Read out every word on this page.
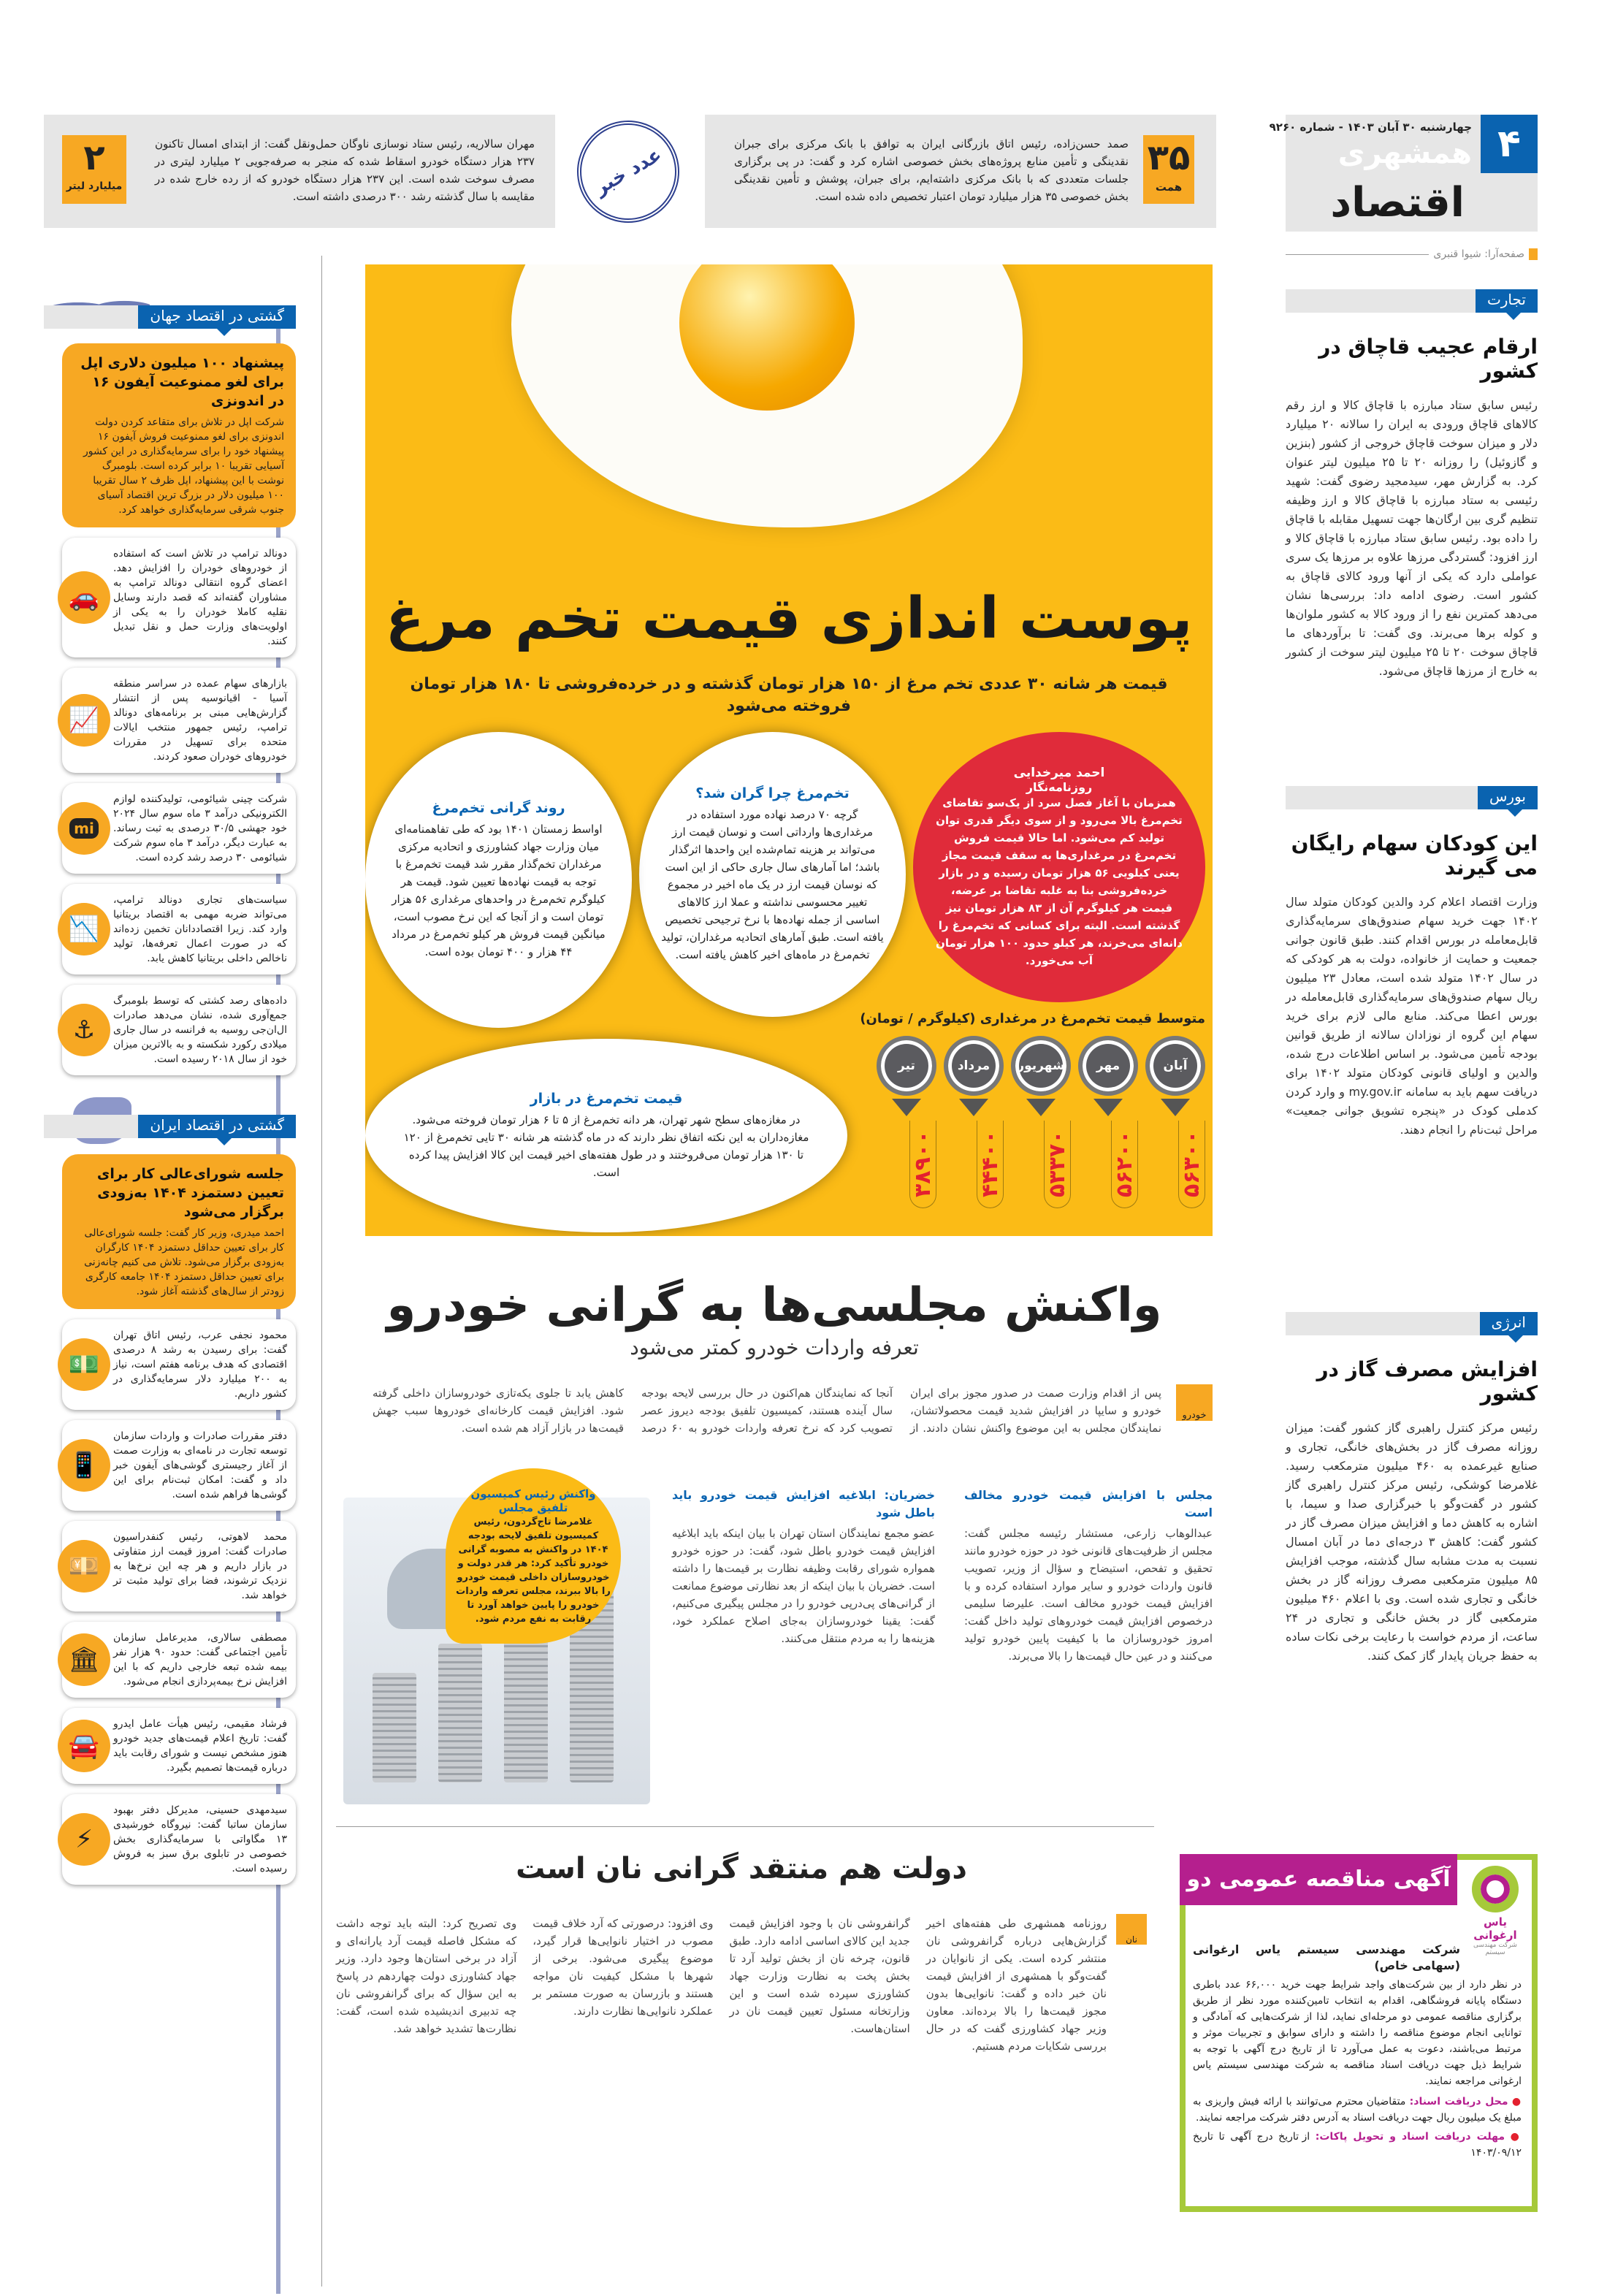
۴
چهارشنبه ۳۰ آبان ۱۴۰۳ - شماره ۹۲۶۰
همشهری
اقتصاد
۳۵
همت
صمد حسن‌زاده، رئیس اتاق بازرگانی ایران به توافق با بانک مرکزی برای جبران نقدینگی و تأمین منابع پروژه‌های بخش خصوصی اشاره کرد و گفت: در پی برگزاری جلسات متعددی که با بانک مرکزی داشته‌ایم، برای جبران، پوشش و تأمین نقدینگی بخش خصوصی ۳۵ هزار میلیارد تومان اعتبار تخصیص داده شده است.
عدد خبر
۲
میلیارد لیتر
مهران سالاریه، رئیس ستاد نوسازی ناوگان حمل‌ونقل گفت: از ابتدای امسال تاکنون ۲۳۷ هزار دستگاه خودرو اسقاط شده که منجر به صرفه‌جویی ۲ میلیارد لیتری در مصرف سوخت شده است. این ۲۳۷ هزار دستگاه خودرو که از رده خارج شده در مقایسه با سال گذشته رشد ۳۰۰ درصدی داشته است.
صفحه‌آرا: شیوا قنبری
تجارت
ارقام عجیب قاچاق در کشور
رئیس سابق ستاد مبارزه با قاچاق کالا و ارز رقم کالاهای قاچاق ورودی به ایران را سالانه ۲۰ میلیارد دلار و میزان سوخت قاچاق خروجی از کشور (بنزین و گازوئیل) را روزانه ۲۰ تا ۲۵ میلیون لیتر عنوان کرد. به گزارش مهر، سیدمجید رضوی گفت: شهید رئیسی به ستاد مبارزه با قاچاق کالا و ارز وظیفه تنظیم گری بین ارگان‌ها جهت تسهیل مقابله با قاچاق را داده بود. رئیس سابق ستاد مبارزه با قاچاق کالا و ارز افزود: گستردگی مرزها علاوه بر مرزها یک سری عواملی دارد که یکی از آنها ورود کالای قاچاق به کشور است. رضوی ادامه داد: بررسی‌ها نشان می‌دهد کمترین نفع را از ورود کالا به کشور ملوان‌ها و کوله برها می‌برند. وی گفت: تا برآوردهای ما قاچاق سوخت ۲۰ تا ۲۵ میلیون لیتر سوخت از کشور به خارج از مرزها قاچاق می‌شود.
بورس
این کودکان سهام رایگان می گیرند
وزارت اقتصاد اعلام کرد والدین کودکان متولد سال ۱۴۰۲ جهت خرید سهام صندوق‌های سرمایه‌گذاری قابل‌معامله در بورس اقدام کنند. طبق قانون جوانی جمعیت و حمایت از خانواده، دولت به هر کودکی که در سال ۱۴۰۲ متولد شده است، معادل ۲۳ میلیون ریال سهام صندوق‌های سرمایه‌گذاری قابل‌معامله در بورس اعطا می‌کند. منابع مالی لازم برای خرید سهام این گروه از نوزادان سالانه از طریق قوانین بودجه تأمین می‌شود. بر اساس اطلاعات درج شده، والدین و اولیای قانونی کودکان متولد ۱۴۰۲ برای دریافت سهم باید به سامانه my.gov.ir و وارد کردن کدملی کودک در «پنجره تشویق جوانی جمعیت» مراحل ثبت‌نام را انجام دهند.
انرژی
افزایش مصرف گاز در کشور
رئیس مرکز کنترل راهبری گاز کشور گفت: میزان روزانه مصرف گاز در بخش‌های خانگی، تجاری و صنایع غیرعمده به ۴۶۰ میلیون مترمکعب رسید. غلامرضا کوشکی، رئیس مرکز کنترل راهبری گاز کشور در گفت‌وگو با خبرگزاری صدا و سیما، با اشاره به کاهش دما و افزایش میزان مصرف گاز در کشور گفت: کاهش ۳ درجه‌ای دما در آبان امسال نسبت به مدت مشابه سال گذشته، موجب افزایش ۸۵ میلیون مترمکعبی مصرف روزانه گاز در بخش خانگی و تجاری شده است. وی با اعلام ۴۶۰ میلیون مترمکعبی گاز در بخش خانگی و تجاری در ۲۴ ساعت، از مردم خواست با رعایت برخی نکات ساده به حفظ جریان پایدار گاز کمک کنند.
آگهی مناقصه عمومی دو مرحله‌ای	یاس ارغوانی
شرکت مهندسی سیستم
شرکت مهندسی سیستم یاس ارغوانی (سهامی خاص)
در نظر دارد از بین شرکت‌های واجد شرایط جهت خرید ۶۶,۰۰۰ عدد باطری دستگاه پایانه فروشگاهی، اقدام به انتخاب تامین‌کننده مورد نظر از طریق برگزاری مناقصه عمومی دو مرحله‌ای نماید، لذا از شرکت‌هایی که آمادگی و توانایی انجام موضوع مناقصه را داشته و دارای سوابق و تجربیات موثر و مرتبط می‌باشند، دعوت به عمل می‌آورد تا از تاریخ درج آگهی با توجه به شرایط ذیل جهت دریافت اسناد مناقصه به شرکت مهندسی سیستم یاس ارغوانی مراجعه نمایند.
● محل دریافت اسناد: متقاضیان محترم می‌توانند با ارائه فیش واریزی به مبلغ یک میلیون ریال جهت دریافت اسناد به آدرس دفتر شرکت مراجعه نمایند.
● مهلت دریافت اسناد و تحویل پاکات: از تاریخ درج آگهی تا تاریخ ۱۴۰۳/۰۹/۱۲
گشتی در اقتصاد جهان
پیشنهاد ۱۰۰ میلیون دلاری اپل برای لغو ممنوعیت آیفون ۱۶ در اندونزی
شرکت اپل در تلاش برای متقاعد کردن دولت اندونزی برای لغو ممنوعیت فروش آیفون ۱۶ پیشنهاد خود را برای سرمایه‌گذاری در این کشور آسیایی تقریبا ۱۰ برابر کرده است. بلومبرگ نوشت با این پیشنهاد، اپل ظرف ۲ سال تقریبا ۱۰۰ میلیون دلار در بزرگ ترین اقتصاد آسیای جنوب شرقی سرمایه‌گذاری خواهد کرد.
🚗
دونالد ترامپ در تلاش است که استفاده از خودروهای خودران را افزایش دهد. اعضای گروه انتقالی دونالد ترامپ به مشاوران گفته‌اند که قصد دارند وسایل نقلیه کاملا خودران را به یکی از اولویت‌های وزارت حمل و نقل تبدیل کنند.
📈
بازارهای سهام عمده در سراسر منطقه آسیا - اقیانوسیه پس از انتشار گزارش‌هایی مبنی بر برنامه‌های دونالد ترامپ، رئیس جمهور منتخب ایالات متحده برای تسهیل در مقررات خودروهای خودران صعود کردند.
mi
شرکت چینی شیائومی، تولیدکننده لوازم الکترونیکی درآمد ۳ ماه سوم سال ۲۰۲۴ خود جهشی ۳۰/۵ درصدی به ثبت رساند. به عبارت دیگر، درآمد ۳ ماه سوم شرکت شیائومی ۳۰ درصد رشد کرده است.
📉
سیاست‌های تجاری دونالد ترامپ، می‌تواند ضربه مهمی به اقتصاد بریتانیا وارد کند. زیرا اقتصاددانان تخمین زده‌اند که در صورت اعمال تعرفه‌ها، تولید ناخالص داخلی بریتانیا کاهش یابد.
⚓
داده‌های رصد کشتی که توسط بلومبرگ جمع‌آوری شده، نشان می‌دهد صادرات ال‌ان‌جی روسیه به فرانسه در سال جاری میلادی رکورد شکسته و به بالاترین میزان خود از سال ۲۰۱۸ رسیده است.
گشتی در اقتصاد ایران
جلسه شورای‌عالی کار برای تعیین دستمزد ۱۴۰۴ به‌زودی برگزار می‌شود
احمد میدری، وزیر کار گفت: جلسه شورای‌عالی کار برای تعیین حداقل دستمزد ۱۴۰۴ کارگران به‌زودی برگزار می‌شود. تلاش می کنیم چانه‌زنی برای تعیین حداقل دستمزد ۱۴۰۴ جامعه کارگری زودتر از سال‌های گذشته آغاز شود.
💵
محمود نجفی عرب، رئیس اتاق تهران گفت: برای رسیدن به رشد ۸ درصدی اقتصادی که هدف برنامه هفتم است، نیاز به ۲۰۰ میلیارد دلار سرمایه‌گذاری در کشور داریم.
📱
دفتر مقررات صادرات و واردات سازمان توسعه تجارت در نامه‌ای به وزارت صمت از آغاز رجیستری گوشی‌های آیفون خبر داد و گفت: امکان ثبت‌نام برای این گوشی‌ها فراهم شده است.
💴
محمد لاهوتی، رئیس کنفدراسیون صادرات گفت: امروز قیمت ارز متفاوتی در بازار داریم و هر چه این نرخ‌ها به نزدیک ترشوند، فضا برای تولید مثبت تر خواهد شد.
🏛
مصطفی سالاری، مدیرعامل سازمان تأمین اجتماعی گفت: حدود ۹۰ هزار نفر بیمه شده تبعه خارجی داریم که با این افزایش نرخ بیمه‌پردازی انجام می‌شود.
🚘
فرشاد مقیمی، رئیس هیأت عامل ایدرو گفت: تاریخ اعلام قیمت‌های جدید خودرو هنوز مشخص نیست و شورای رقابت باید درباره قیمت‌ها تصمیم بگیرد.
⚡
سیدمهدی حسینی، مدیرکل دفتر بهبود سازمان ساتبا گفت: نیروگاه خورشیدی ۱۳ مگاواتی با سرمایه‌گذاری بخش خصوصی در تابلوی برق سبز به فروش رسیده است.
پوست اندازی قیمت تخم مرغ
قیمت هر شانه ۳۰ عددی تخم مرغ از ۱۵۰ هزار تومان گذشته و در خرده‌فروشی تا ۱۸۰ هزار تومان فروخته می‌شود
احمد میرخدایی
روزنامه‌نگار

همزمان با آغاز فصل سرد از یک‌سو تقاضای تخم‌مرغ بالا می‌رود و از سوی دیگر قدری توان تولید کم می‌شود. اما حالا قیمت فروش تخم‌مرغ در مرغداری‌ها به سقف قیمت مجاز یعنی کیلویی ۵۶ هزار تومان رسیده و در بازار خرده‌فروشی بنا به غلبه تقاضا بر عرضه، قیمت هر کیلوگرم آن از ۸۳ هزار تومان نیز گذشته است. البته برای کسانی که تخم‌مرغ را دانه‌ای می‌خرند، هر کیلو حدود ۱۰۰ هزار تومان آب می‌خورد.

تخم‌مرغ چرا گران شد؟

گرچه ۷۰ درصد نهاده مورد استفاده در مرغداری‌ها وارداتی است و نوسان قیمت ارز می‌تواند بر هزینه تمام‌شده این واحدها اثرگذار باشد؛ اما آمارهای سال جاری حاکی از این است که نوسان قیمت ارز در یک ماه اخیر در مجموع تغییر محسوسی نداشته و عملا ارز کالاهای اساسی از جمله نهاده‌ها با نرخ ترجیحی تخصیص یافته است. طبق آمارهای اتحادیه مرغداران، تولید تخم‌مرغ در ماه‌های اخیر کاهش یافته است.

روند گرانی تخم‌مرغ

اواسط زمستان ۱۴۰۱ بود که طی تفاهمنامه‌ای میان وزارت جهاد کشاورزی و اتحادیه مرکزی مرغداران تخم‌گذار مقرر شد قیمت تخم‌مرغ با توجه به قیمت نهاده‌ها تعیین شود. قیمت هر کیلوگرم تخم‌مرغ در واحدهای مرغداری ۵۶ هزار تومان است و از آنجا که این نرخ مصوب است، میانگین قیمت فروش هر کیلو تخم‌مرغ در مرداد ۴۴ هزار و ۴۰۰ تومان بوده است.

قیمت تخم‌مرغ در بازار

در مغازه‌های سطح شهر تهران، هر دانه تخم‌مرغ از ۵ تا ۶ هزار تومان فروخته می‌شود. مغازه‌داران به این نکته اتفاق نظر دارند که در ماه گذشته هر شانه ۳۰ تایی تخم‌مرغ از ۱۲۰ تا ۱۳۰ هزار تومان می‌فروختند و در طول هفته‌های اخیر قیمت این کالا افزایش پیدا کرده است.

متوسط قیمت تخم‌مرغ در مرغداری (کیلوگرم / تومان)
آبان
۵۶۳۰۰
مهر
۵۶۲۰۰
شهریور
۵۳۳۷۰
مرداد
۴۴۴۰۰
تیر
۳۸۹۰۰
واکنش مجلسی‌ها به گرانی خودرو
تعرفه واردات خودرو کمتر می‌شود
خودرو
پس از اقدام وزارت صمت در صدور مجوز برای ایران خودرو و سایپا در افزایش شدید قیمت محصولاتشان، نمایندگان مجلس به این موضوع واکنش نشان دادند. از آنجا که نمایندگان هم‌اکنون در حال بررسی لایحه بودجه سال آینده هستند، کمیسیون تلفیق بودجه دیروز عصر تصویب کرد که نرخ تعرفه واردات خودرو به ۶۰ درصد کاهش یابد تا جلوی یکه‌تازی خودروسازان داخلی گرفته شود. افزایش قیمت کارخانه‌ای خودروها سبب جهش قیمت‌ها در بازار آزاد هم شده است.
مجلس با افزایش قیمت خودرو مخالف است
عبدالوهاب زارعی، مستشار رئیسه مجلس گفت: مجلس از ظرفیت‌های قانونی خود در حوزه خودرو مانند تحقیق و تفحص، استیضاح و سؤال از وزیر، تصویب قانون واردات خودرو و سایر موارد استفاده کرده و با افزایش قیمت خودرو مخالف است. علیرضا سلیمی درخصوص افزایش قیمت خودروهای تولید داخل گفت: امروز خودروسازان ما با کیفیت پایین خودرو تولید می‌کنند و در عین حال قیمت‌ها را بالا می‌برند.
خضریان: ابلاغیه افزایش قیمت خودرو باید باطل شود
عضو مجمع نمایندگان استان تهران با بیان اینکه باید ابلاغیه افزایش قیمت خودرو باطل شود، گفت: در حوزه خودرو همواره شورای رقابت وظیفه نظارت بر قیمت‌ها را داشته است. خضریان با بیان اینکه از بعد نظارتی موضوع ممانعت از گرانی‌های پی‌درپی خودرو را در مجلس پیگیری می‌کنیم، گفت: یقینا خودروسازان به‌جای اصلاح عملکرد خود، هزینه‌ها را به مردم منتقل می‌کنند.
واکنش رئیس کمیسیون تلفیق مجلس
غلامرضا تاج‌گردون، رئیس کمیسیون تلفیق لایحه بودجه ۱۴۰۴ در واکنش به مصوبه گرانی خودرو تأکید کرد: هر قدر دولت و خودروسازان داخلی قیمت خودرو را بالا ببرند، مجلس تعرفه واردات خودرو را پایین خواهد آورد تا رقابت به نفع مردم شود.
دولت هم منتقد گرانی نان است
نان
روزنامه همشهری طی هفته‌های اخیر گزارش‌هایی درباره گرانفروشی نان منتشر کرده است. یکی از نانوایان در گفت‌وگو با همشهری از افزایش قیمت نان خبر داده و گفت: نانوایی‌ها بدون مجوز قیمت‌ها را بالا برده‌اند. معاون وزیر جهاد کشاورزی گفت که در حال بررسی شکایات مردم هستیم.
گرانفروشی نان با وجود افزایش قیمت جدید این کالای اساسی ادامه دارد. طبق قانون، چرخه نان از بخش تولید آرد تا بخش پخت به نظارت وزارت جهاد کشاورزی سپرده شده است و این وزارتخانه مسئول تعیین قیمت نان در استان‌هاست.
وی افزود: درصورتی که آرد خلاف قیمت مصوب در اختیار نانوایی‌ها قرار گیرد، موضوع پیگیری می‌شود. برخی از شهرها با مشکل کیفیت نان مواجه هستند و بازرسان به صورت مستمر بر عملکرد نانوایی‌ها نظارت دارند.
وی تصریح کرد: البته باید توجه داشت که مشکل فاصله قیمت آرد یارانه‌ای و آزاد در برخی استان‌ها وجود دارد. وزیر جهاد کشاورزی دولت چهاردهم در پاسخ به این سؤال که برای گرانفروشی نان چه تدبیری اندیشیده شده است، گفت: نظارت‌ها تشدید خواهد شد.
